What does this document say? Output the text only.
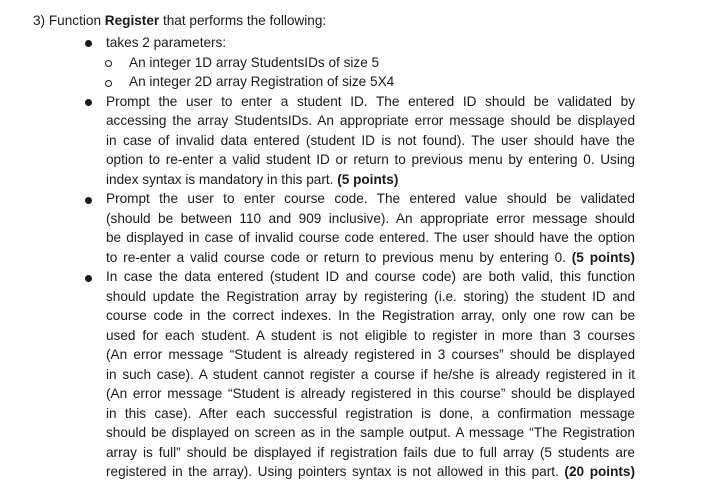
3) Function Register that performs the following:
takes 2 parameters:
An integer 1D array StudentsIDs of size 5
An integer 2D array Registration of size 5X4
Prompt the user to enter a student ID. The entered ID should be validated by
accessing the array StudentsIDs. An appropriate error message should be displayed
in case of invalid data entered (student ID is not found). The user should have the
option to re-enter a valid student ID or return to previous menu by entering 0. Using
index syntax is mandatory in this part. (5 points)
Prompt the user to enter course code. The entered value should be validated
(should be between 110 and 909 inclusive). An appropriate error message should
be displayed in case of invalid course code entered. The user should have the option
to re-enter a valid course code or return to previous menu by entering 0. (5 points)
In case the data entered (student ID and course code) are both valid, this function
should update the Registration array by registering (i.e. storing) the student ID and
course code in the correct indexes. In the Registration array, only one row can be
used for each student. A student is not eligible to register in more than 3 courses
(An error message “Student is already registered in 3 courses” should be displayed
in such case). A student cannot register a course if he/she is already registered in it
(An error message “Student is already registered in this course” should be displayed
in this case). After each successful registration is done, a confirmation message
should be displayed on screen as in the sample output. A message “The Registration
array is full” should be displayed if registration fails due to full array (5 students are
registered in the array). Using pointers syntax is not allowed in this part. (20 points)
